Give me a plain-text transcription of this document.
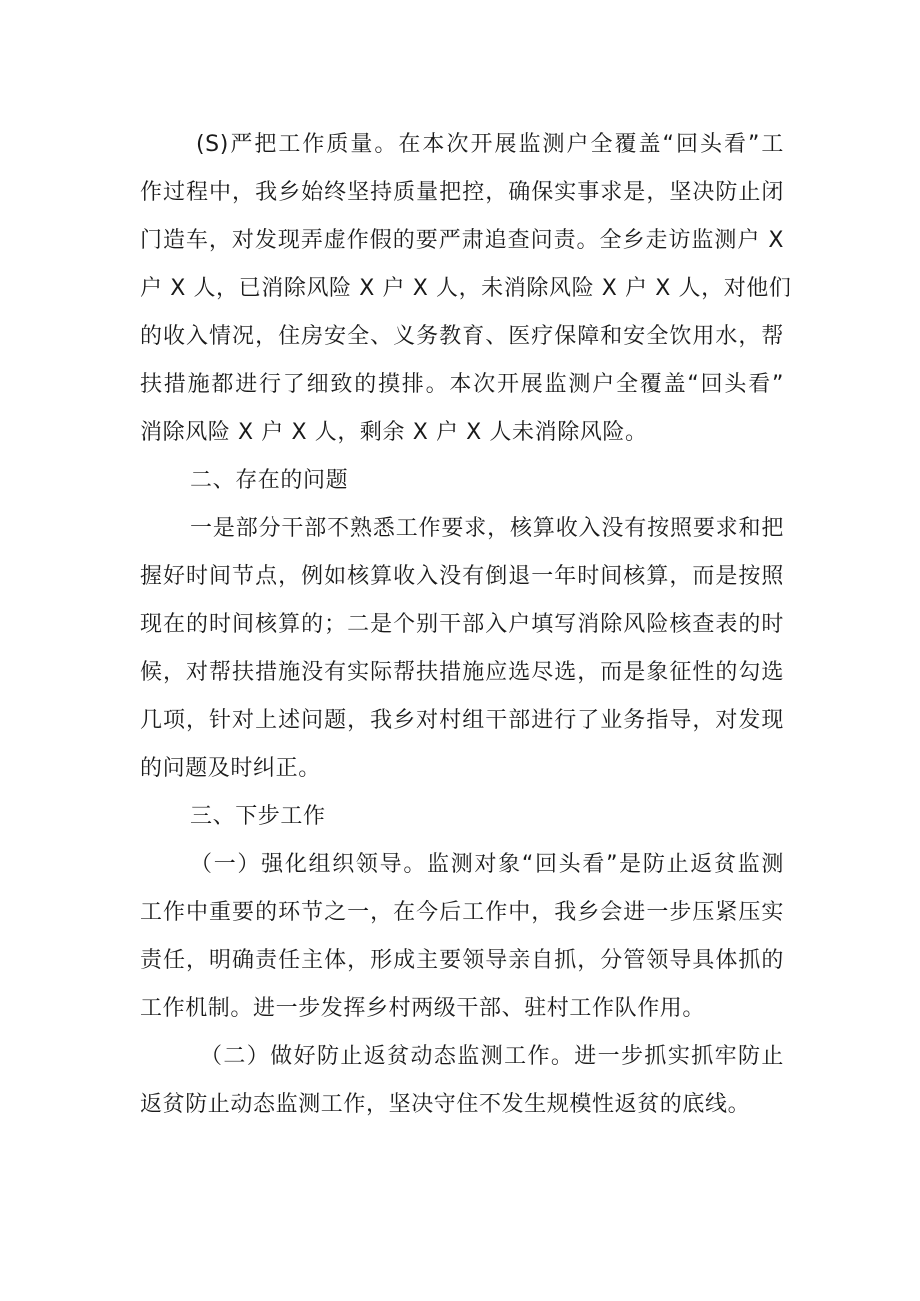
(S)严把工作质量。在本次开展监测户全覆盖“回头看”工
作过程中，我乡始终坚持质量把控，确保实事求是，坚决防止闭
门造车，对发现弄虚作假的要严肃追查问责。全乡走访监测户 X
户 X 人，已消除风险 X 户 X 人，未消除风险 X 户 X 人，对他们
的收入情况，住房安全、义务教育、医疗保障和安全饮用水，帮
扶措施都进行了细致的摸排。本次开展监测户全覆盖“回头看”
消除风险 X 户 X 人，剩余 X 户 X 人未消除风险。
二、存在的问题
一是部分干部不熟悉工作要求，核算收入没有按照要求和把
握好时间节点，例如核算收入没有倒退一年时间核算，而是按照
现在的时间核算的；二是个别干部入户填写消除风险核查表的时
候，对帮扶措施没有实际帮扶措施应选尽选，而是象征性的勾选
几项，针对上述问题，我乡对村组干部进行了业务指导，对发现
的问题及时纠正。
三、下步工作
（一）强化组织领导。监测对象“回头看”是防止返贫监测
工作中重要的环节之一，在今后工作中，我乡会进一步压紧压实
责任，明确责任主体，形成主要领导亲自抓，分管领导具体抓的
工作机制。进一步发挥乡村两级干部、驻村工作队作用。
（二）做好防止返贫动态监测工作。进一步抓实抓牢防止
返贫防止动态监测工作，坚决守住不发生规模性返贫的底线。
